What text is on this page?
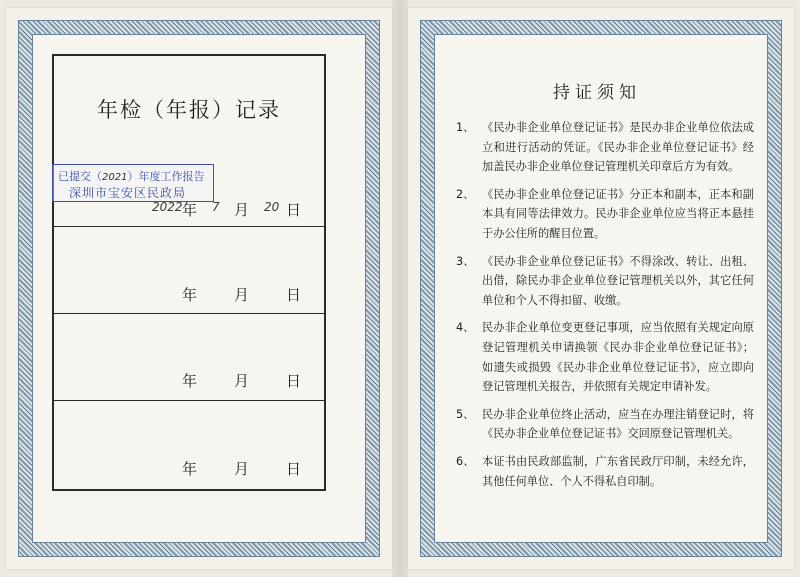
年检（年报）记录
已提交（2021）年度工作报告
深圳市宝安区民政局
2022 年 7 月 20 日
年 月 日
年 月 日
年 月 日
持证须知
1、 《民办非企业单位登记证书》是民办非企业单位依法成立和进行活动的凭证。《民办非企业单位登记证书》经加盖民办非企业单位登记管理机关印章后方为有效。
2、 《民办非企业单位登记证书》分正本和副本，正本和副本具有同等法律效力。民办非企业单位应当将正本悬挂于办公住所的醒目位置。
3、 《民办非企业单位登记证书》不得涂改、转让、出租、出借，除民办非企业单位登记管理机关以外，其它任何单位和个人不得扣留、收缴。
4、 民办非企业单位变更登记事项，应当依照有关规定向原登记管理机关申请换领《民办非企业单位登记证书》；如遗失或损毁《民办非企业单位登记证书》，应立即向登记管理机关报告，并依照有关规定申请补发。
5、 民办非企业单位终止活动，应当在办理注销登记时，将《民办非企业单位登记证书》交回原登记管理机关。
6、 本证书由民政部监制，广东省民政厅印制，未经允许，其他任何单位、个人不得私自印制。
